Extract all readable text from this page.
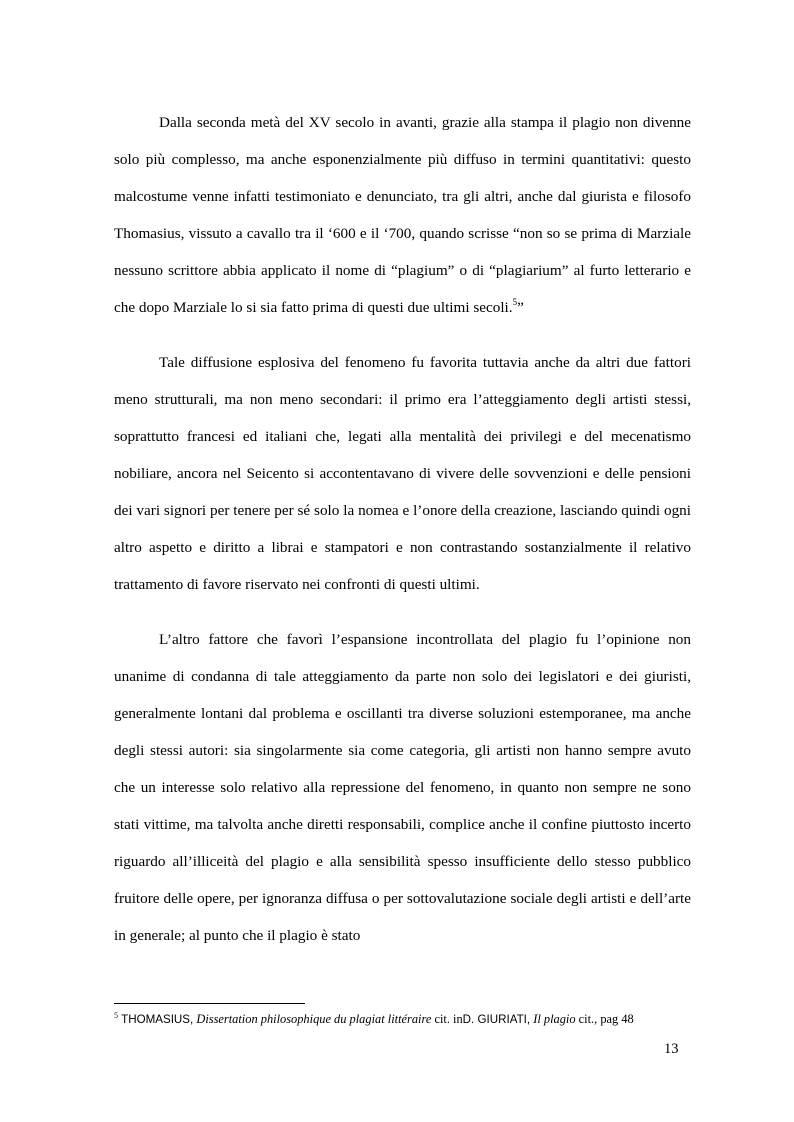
Dalla seconda metà del XV secolo in avanti, grazie alla stampa il plagio non divenne solo più complesso, ma anche esponenzialmente più diffuso in termini quantitativi: questo malcostume venne infatti testimoniato e denunciato, tra gli altri, anche dal giurista e filosofo Thomasius, vissuto a cavallo tra il ‘600 e il ‘700, quando scrisse “non so se prima di Marziale nessuno scrittore abbia applicato il nome di “plagium” o di “plagiarium” al furto letterario e che dopo Marziale lo si sia fatto prima di questi due ultimi secoli.$^5$”

Tale diffusione esplosiva del fenomeno fu favorita tuttavia anche da altri due fattori meno strutturali, ma non meno secondari: il primo era l’atteggiamento degli artisti stessi, soprattutto francesi ed italiani che, legati alla mentalità dei privilegi e del mecenatismo nobiliare, ancora nel Seicento si accontentavano di vivere delle sovvenzioni e delle pensioni dei vari signori per tenere per sé solo la nomea e l’onore della creazione, lasciando quindi ogni altro aspetto e diritto a librai e stampatori e non contrastando sostanzialmente il relativo trattamento di favore riservato nei confronti di questi ultimi.

L’altro fattore che favorì l’espansione incontrollata del plagio fu l’opinione non unanime di condanna di tale atteggiamento da parte non solo dei legislatori e dei giuristi, generalmente lontani dal problema e oscillanti tra diverse soluzioni estemporanee, ma anche degli stessi autori: sia singolarmente sia come categoria, gli artisti non hanno sempre avuto che un interesse solo relativo alla repressione del fenomeno, in quanto non sempre ne sono stati vittime, ma talvolta anche diretti responsabili, complice anche il confine piuttosto incerto riguardo all’illiceità del plagio e alla sensibilità spesso insufficiente dello stesso pubblico fruitore delle opere, per ignoranza diffusa o per sottovalutazione sociale degli artisti e dell’arte in generale; al punto che il plagio è stato

$^5$ THOMASIUS, Dissertation philosophique du plagiat littéraire cit. inD. GIURIATI, Il plagio cit., pag 48
13
